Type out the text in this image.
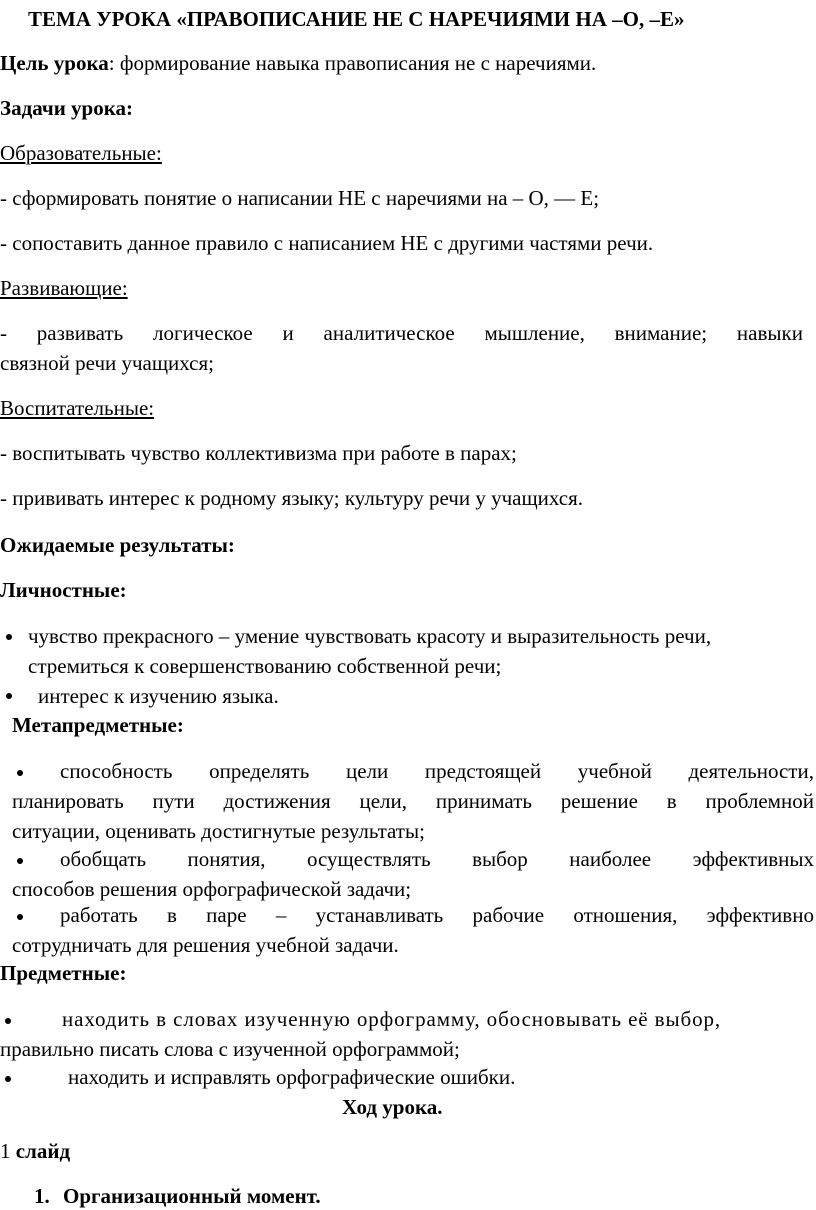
ТЕМА УРОКА «ПРАВОПИСАНИЕ НЕ С НАРЕЧИЯМИ НА –О, –Е»
Цель урока: формирование навыка правописания не с наречиями.
Задачи урока:
Образовательные:
- сформировать понятие о написании НЕ с наречиями на – О, — Е;
- сопоставить данное правило с написанием НЕ с другими частями речи.
Развивающие:
- развивать логическое и аналитическое мышление, внимание; навыки
связной речи учащихся;
Воспитательные:
- воспитывать чувство коллективизма при работе в парах;
- прививать интерес к родному языку; культуру речи у учащихся.
Ожидаемые результаты:
Личностные:
чувство прекрасного – умение чувствовать красоту и выразительность речи,
стремиться к совершенствованию собственной речи;
интерес к изучению языка.
Метапредметные:
способность определять цели предстоящей учебной деятельности,
планировать пути достижения цели, принимать решение в проблемной
ситуации, оценивать достигнутые результаты;
обобщать понятия, осуществлять выбор наиболее эффективных
способов решения орфографической задачи;
работать в паре – устанавливать рабочие отношения, эффективно
сотрудничать для решения учебной задачи.
Предметные:
находить в словах изученную орфограмму, обосновывать её выбор,
правильно писать слова с изученной орфограммой;
находить и исправлять орфографические ошибки.
Ход урока.
1 слайд
1. Организационный момент.
